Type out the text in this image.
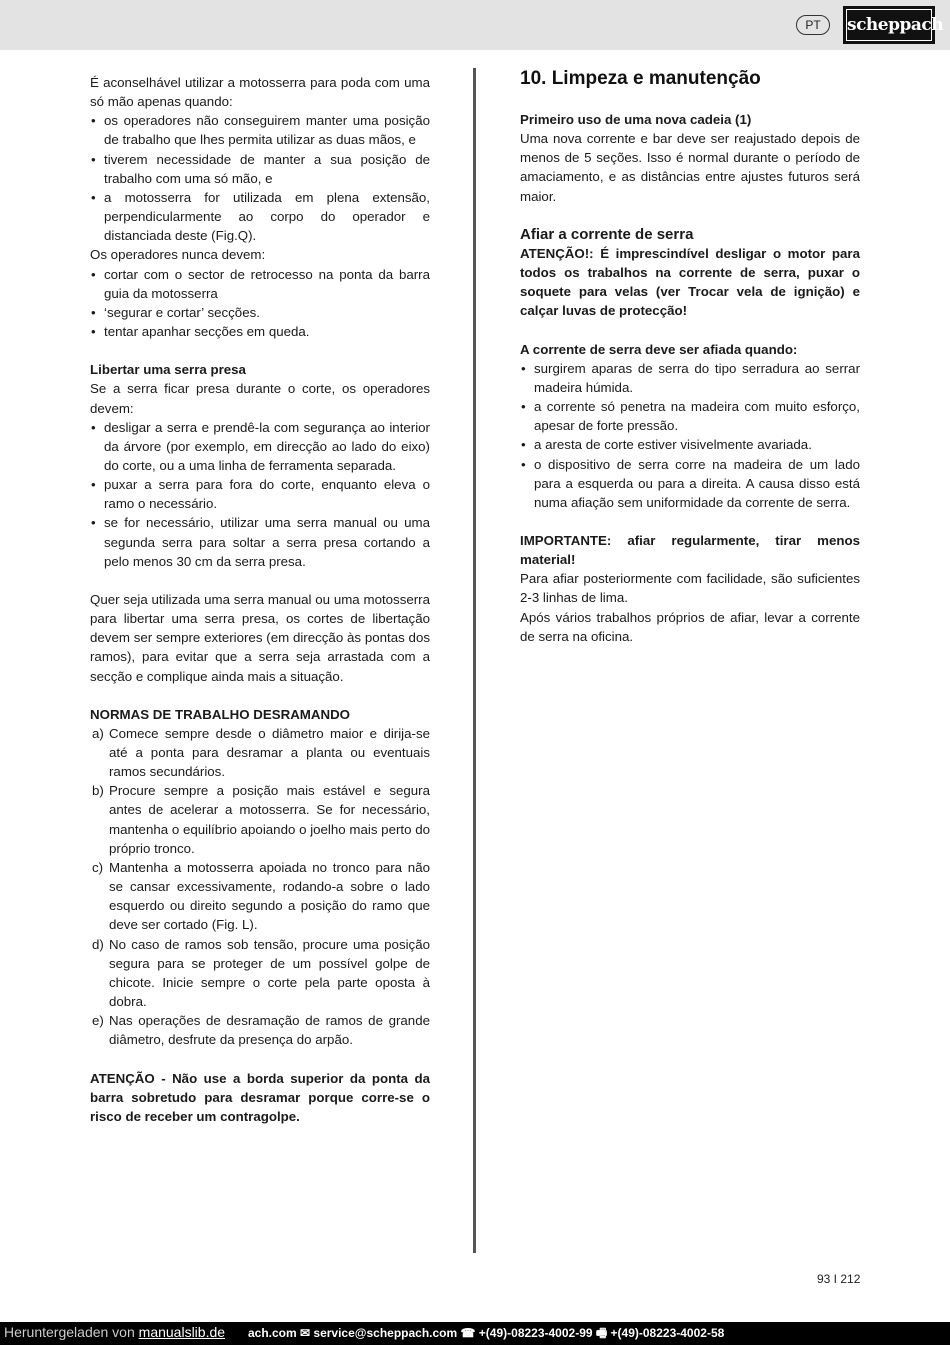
PT	scheppach

É aconselhável utilizar a motosserra para poda com uma só mão apenas quando:

• os operadores não conseguirem manter uma posição de trabalho que lhes permita utilizar as duas mãos, e
• tiverem necessidade de manter a sua posição de trabalho com uma só mão, e
• a motosserra for utilizada em plena extensão, perpendicularmente ao corpo do operador e distanciada deste (Fig.Q).

Os operadores nunca devem:

• cortar com o sector de retrocesso na ponta da barra guia da motosserra
• ‘segurar e cortar’ secções.
• tentar apanhar secções em queda.

Libertar uma serra presa

Se a serra ficar presa durante o corte, os operadores devem:

• desligar a serra e prendê-la com segurança ao interior da árvore (por exemplo, em direcção ao lado do eixo) do corte, ou a uma linha de ferramenta separada.
• puxar a serra para fora do corte, enquanto eleva o ramo o necessário.
• se for necessário, utilizar uma serra manual ou uma segunda serra para soltar a serra presa cortando a pelo menos 30 cm da serra presa.

Quer seja utilizada uma serra manual ou uma motosserra para libertar uma serra presa, os cortes de libertação devem ser sempre exteriores (em direcção às pontas dos ramos), para evitar que a serra seja arrastada com a secção e complique ainda mais a situação.

NORMAS DE TRABALHO DESRAMANDO

a) Comece sempre desde o diâmetro maior e dirija-se até a ponta para desramar a planta ou eventuais ramos secundários.
b) Procure sempre a posição mais estável e segura antes de acelerar a motosserra. Se for necessário, mantenha o equilíbrio apoiando o joelho mais perto do próprio tronco.
c) Mantenha a motosserra apoiada no tronco para não se cansar excessivamente, rodando-a sobre o lado esquerdo ou direito segundo a posição do ramo que deve ser cortado (Fig. L).
d) No caso de ramos sob tensão, procure uma posição segura para se proteger de um possível golpe de chicote. Inicie sempre o corte pela parte oposta à dobra.
e) Nas operações de desramação de ramos de grande diâmetro, desfrute da presença do arpão.

ATENÇÃO - Não use a borda superior da ponta da barra sobretudo para desramar porque corre-se o risco de receber um contragolpe.

10. Limpeza e manutenção

Primeiro uso de uma nova cadeia (1)

Uma nova corrente e bar deve ser reajustado depois de menos de 5 seções. Isso é normal durante o período de amaciamento, e as distâncias entre ajustes futuros será maior.

Afiar a corrente de serra

ATENÇÃO!: É imprescindível desligar o motor para todos os trabalhos na corrente de serra, puxar o soquete para velas (ver Trocar vela de ignição) e calçar luvas de protecção!

A corrente de serra deve ser afiada quando:

• surgirem aparas de serra do tipo serradura ao serrar madeira húmida.
• a corrente só penetra na madeira com muito esforço, apesar de forte pressão.
• a aresta de corte estiver visivelmente avariada.
• o dispositivo de serra corre na madeira de um lado para a esquerda ou para a direita. A causa disso está numa afiação sem uniformidade da corrente de serra.

IMPORTANTE: afiar regularmente, tirar menos material!

Para afiar posteriormente com facilidade, são suficientes 2-3 linhas de lima.

Após vários trabalhos próprios de afiar, levar a corrente de serra na oficina.

93 I 212
Heruntergeladen von manualslib.de ach.com ✉ service@scheppach.com ☎ +(49)-08223-4002-99 🖷 +(49)-08223-4002-58
